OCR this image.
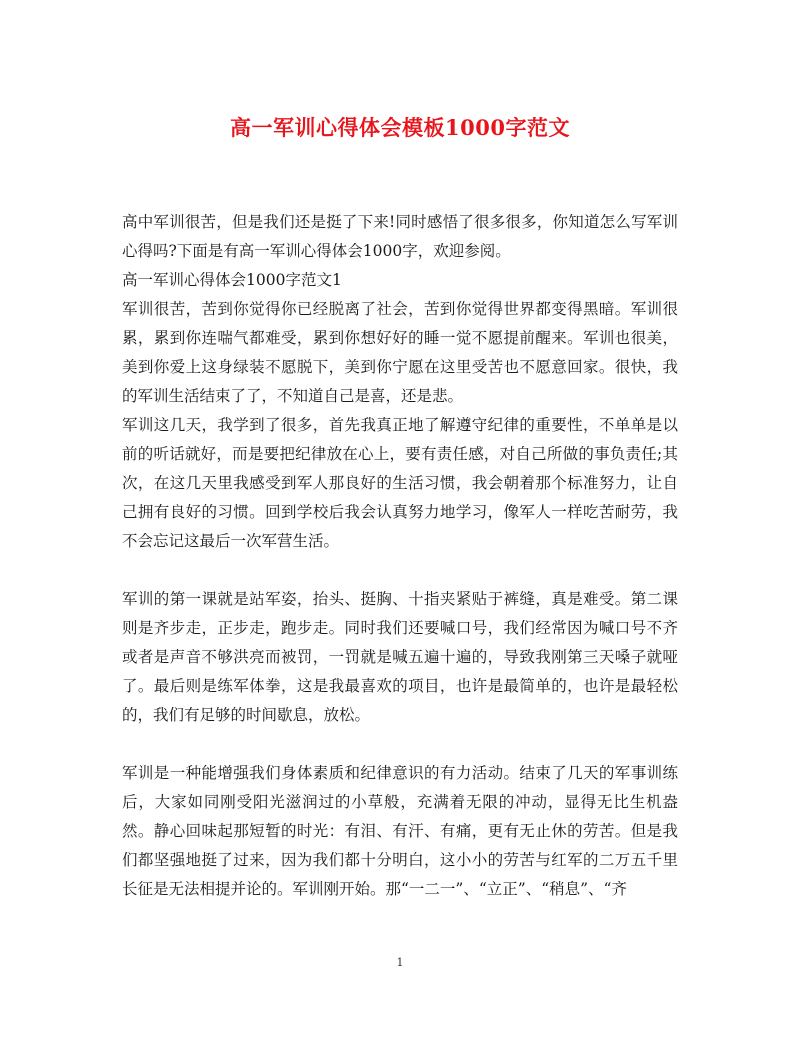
高一军训心得体会模板1000字范文

高中军训很苦，但是我们还是挺了下来!同时感悟了很多很多，你知道怎么写军训心得吗?下面是有高一军训心得体会1000字，欢迎参阅。

高一军训心得体会1000字范文1

军训很苦，苦到你觉得你已经脱离了社会，苦到你觉得世界都变得黑暗。军训很累，累到你连喘气都难受，累到你想好好的睡一觉不愿提前醒来。军训也很美，美到你爱上这身绿装不愿脱下，美到你宁愿在这里受苦也不愿意回家。很快，我的军训生活结束了了，不知道自己是喜，还是悲。

军训这几天，我学到了很多，首先我真正地了解遵守纪律的重要性，不单单是以前的听话就好，而是要把纪律放在心上，要有责任感，对自己所做的事负责任;其次，在这几天里我感受到军人那良好的生活习惯，我会朝着那个标准努力，让自己拥有良好的习惯。回到学校后我会认真努力地学习，像军人一样吃苦耐劳，我不会忘记这最后一次军营生活。

军训的第一课就是站军姿，抬头、挺胸、十指夹紧贴于裤缝，真是难受。第二课则是齐步走，正步走，跑步走。同时我们还要喊口号，我们经常因为喊口号不齐或者是声音不够洪亮而被罚，一罚就是喊五遍十遍的，导致我刚第三天嗓子就哑了。最后则是练军体拳，这是我最喜欢的项目，也许是最简单的，也许是最轻松的，我们有足够的时间歇息，放松。

军训是一种能增强我们身体素质和纪律意识的有力活动。结束了几天的军事训练后，大家如同刚受阳光滋润过的小草般，充满着无限的冲动，显得无比生机盎然。静心回味起那短暂的时光：有泪、有汗、有痛，更有无止休的劳苦。但是我们都坚强地挺了过来，因为我们都十分明白，这小小的劳苦与红军的二万五千里长征是无法相提并论的。军训刚开始。那“一二一”、“立正”、“稍息”、“齐

1
